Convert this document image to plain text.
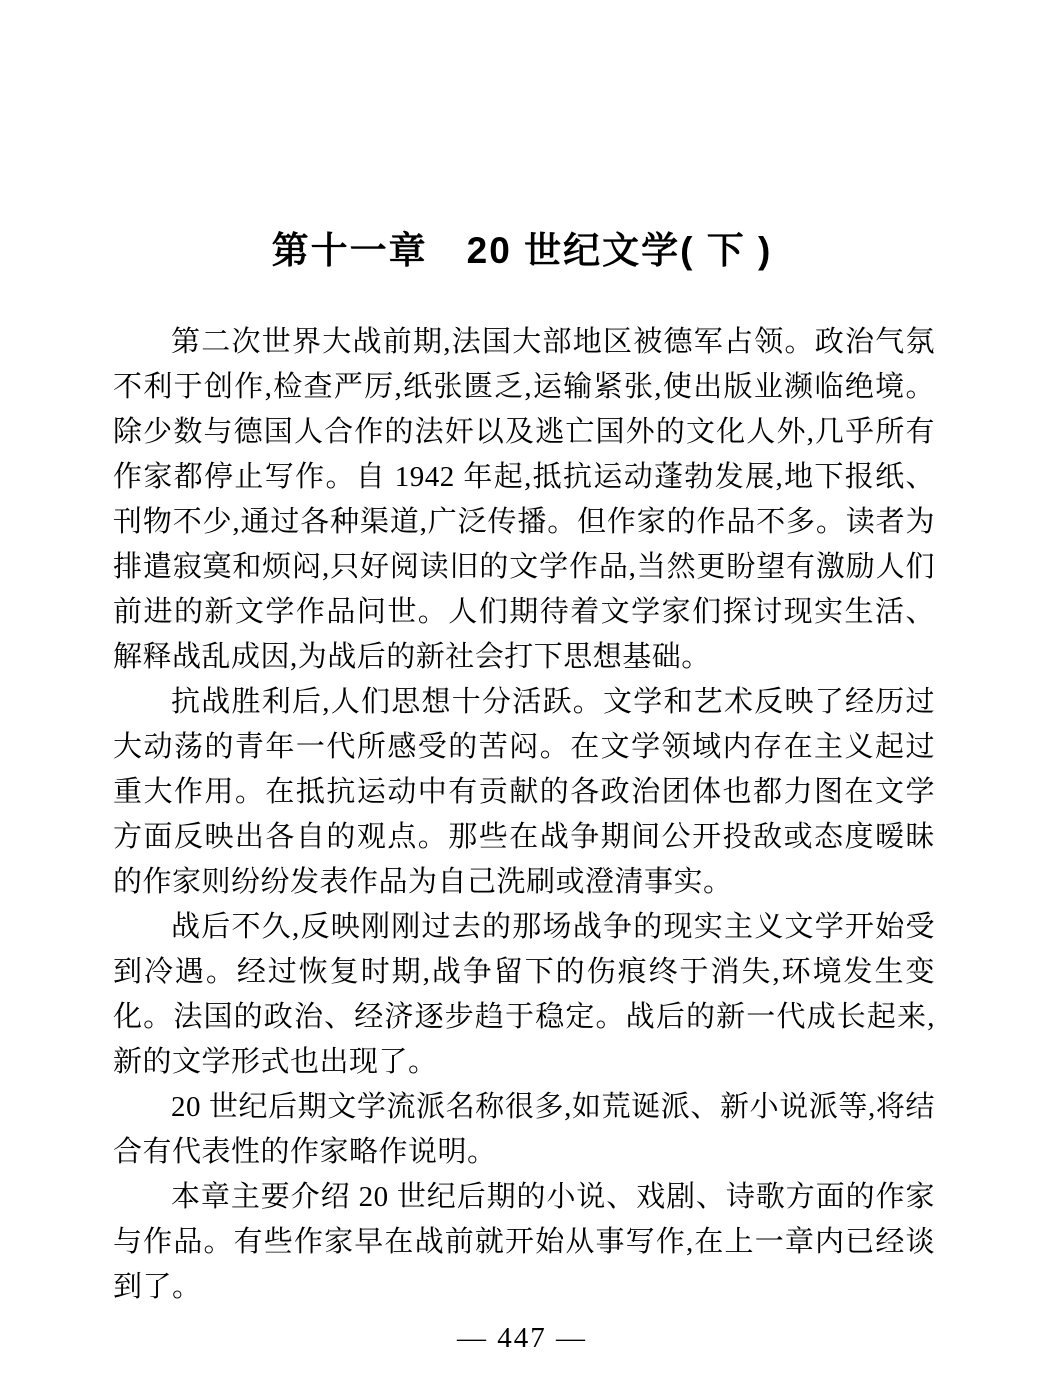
第十一章　20 世纪文学( 下 )

第二次世界大战前期,法国大部地区被德军占领。政治气氛不利于创作,检查严厉,纸张匮乏,运输紧张,使出版业濒临绝境。除少数与德国人合作的法奸以及逃亡国外的文化人外,几乎所有作家都停止写作。自 1942 年起,抵抗运动蓬勃发展,地下报纸、刊物不少,通过各种渠道,广泛传播。但作家的作品不多。读者为排遣寂寞和烦闷,只好阅读旧的文学作品,当然更盼望有激励人们前进的新文学作品问世。人们期待着文学家们探讨现实生活、解释战乱成因,为战后的新社会打下思想基础。

抗战胜利后,人们思想十分活跃。文学和艺术反映了经历过大动荡的青年一代所感受的苦闷。在文学领域内存在主义起过重大作用。在抵抗运动中有贡献的各政治团体也都力图在文学方面反映出各自的观点。那些在战争期间公开投敌或态度暧昧的作家则纷纷发表作品为自己洗刷或澄清事实。

战后不久,反映刚刚过去的那场战争的现实主义文学开始受到冷遇。经过恢复时期,战争留下的伤痕终于消失,环境发生变化。法国的政治、经济逐步趋于稳定。战后的新一代成长起来,新的文学形式也出现了。

20 世纪后期文学流派名称很多,如荒诞派、新小说派等,将结合有代表性的作家略作说明。

本章主要介绍 20 世纪后期的小说、戏剧、诗歌方面的作家与作品。有些作家早在战前就开始从事写作,在上一章内已经谈到了。

— 447 —
